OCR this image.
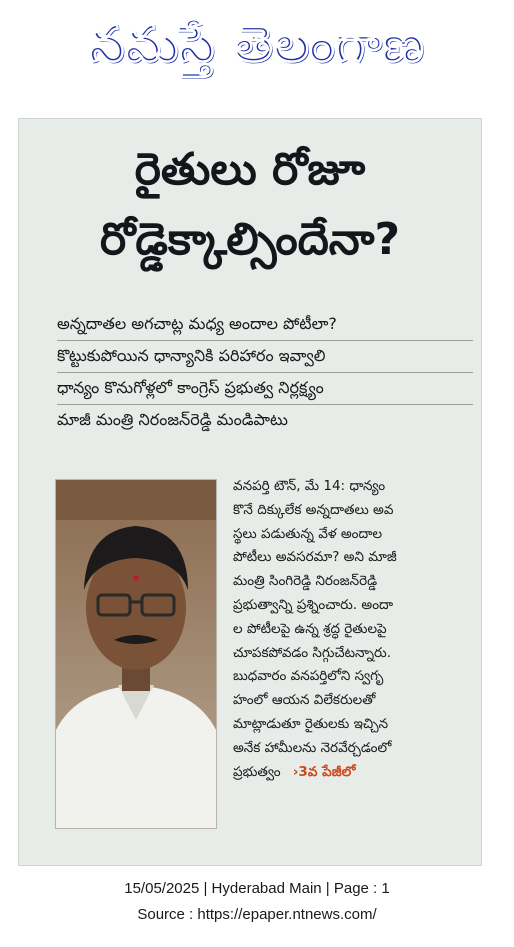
నమస్తే తెలంగాణ
రైతులు రోజూ
రోడ్డెక్కాల్సిందేనా?
అన్నదాతల అగచాట్ల మధ్య అందాల పోటీలా?
కొట్టుకుపోయిన ధాన్యానికి పరిహారం ఇవ్వాలి
ధాన్యం కొనుగోళ్లలో కాంగ్రెస్ ప్రభుత్వ నిర్లక్ష్యం
మాజీ మంత్రి నిరంజన్‌రెడ్డి మండిపాటు
వనపర్తి టౌన్, మే 14: ధాన్యం
కొనే దిక్కులేక అన్నదాతలు అవ
స్థలు పడుతున్న వేళ అందాల
పోటీలు అవసరమా? అని మాజీ
మంత్రి సింగిరెడ్డి నిరంజన్‌రెడ్డి
ప్రభుత్వాన్ని ప్రశ్నించారు. అందా
ల పోటీలపై ఉన్న శ్రద్ధ రైతులపై
చూపకపోవడం సిగ్గుచేటన్నారు.
బుధవారం వనపర్తిలోని స్వగృ
హంలో ఆయన విలేకరులతో
మాట్లాడుతూ రైతులకు ఇచ్చిన
అనేక హామీలను నెరవేర్చడంలో
ప్రభుత్వం ›3వ పేజీలో
15/05/2025 | Hyderabad Main | Page : 1
Source : https://epaper.ntnews.com/
